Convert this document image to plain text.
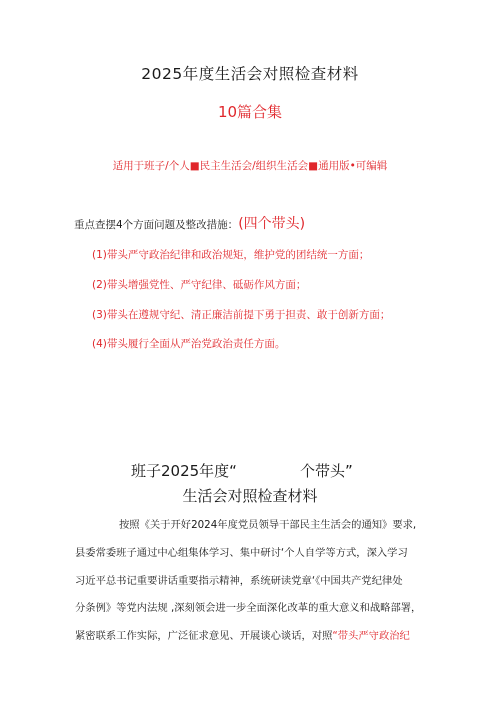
2025年度生活会对照检查材料
10篇合集
适用于班子/个人■民主生活会/组织生活会■通用版•可编辑
重点查摆4个方面问题及整改措施：(四个带头)
(1)带头严守政治纪律和政治规矩，维护党的团结统一方面；
(2)带头增强党性、严守纪律、砥砺作风方面；
(3)带头在遵规守纪、清正廉洁前提下勇于担责、敢于创新方面；
(4)带头履行全面从严治党政治责任方面。
班子2025年度“	个带头”
生活会对照检查材料
按照《关于开好2024年度党员领导干部民主生活会的通知》要求,
县委常委班子通过中心组集体学习、集中研讨‘个人自学等方式，深入学习
习近平总书记重要讲话重要指示精神，系统研读党章‘《中国共产党纪律处
分条例》等党内法规 ,深刻领会进一步全面深化改革的重大意义和战略部署，
紧密联系工作实际，广泛征求意见、开展谈心谈话，对照“带头严守政治纪
